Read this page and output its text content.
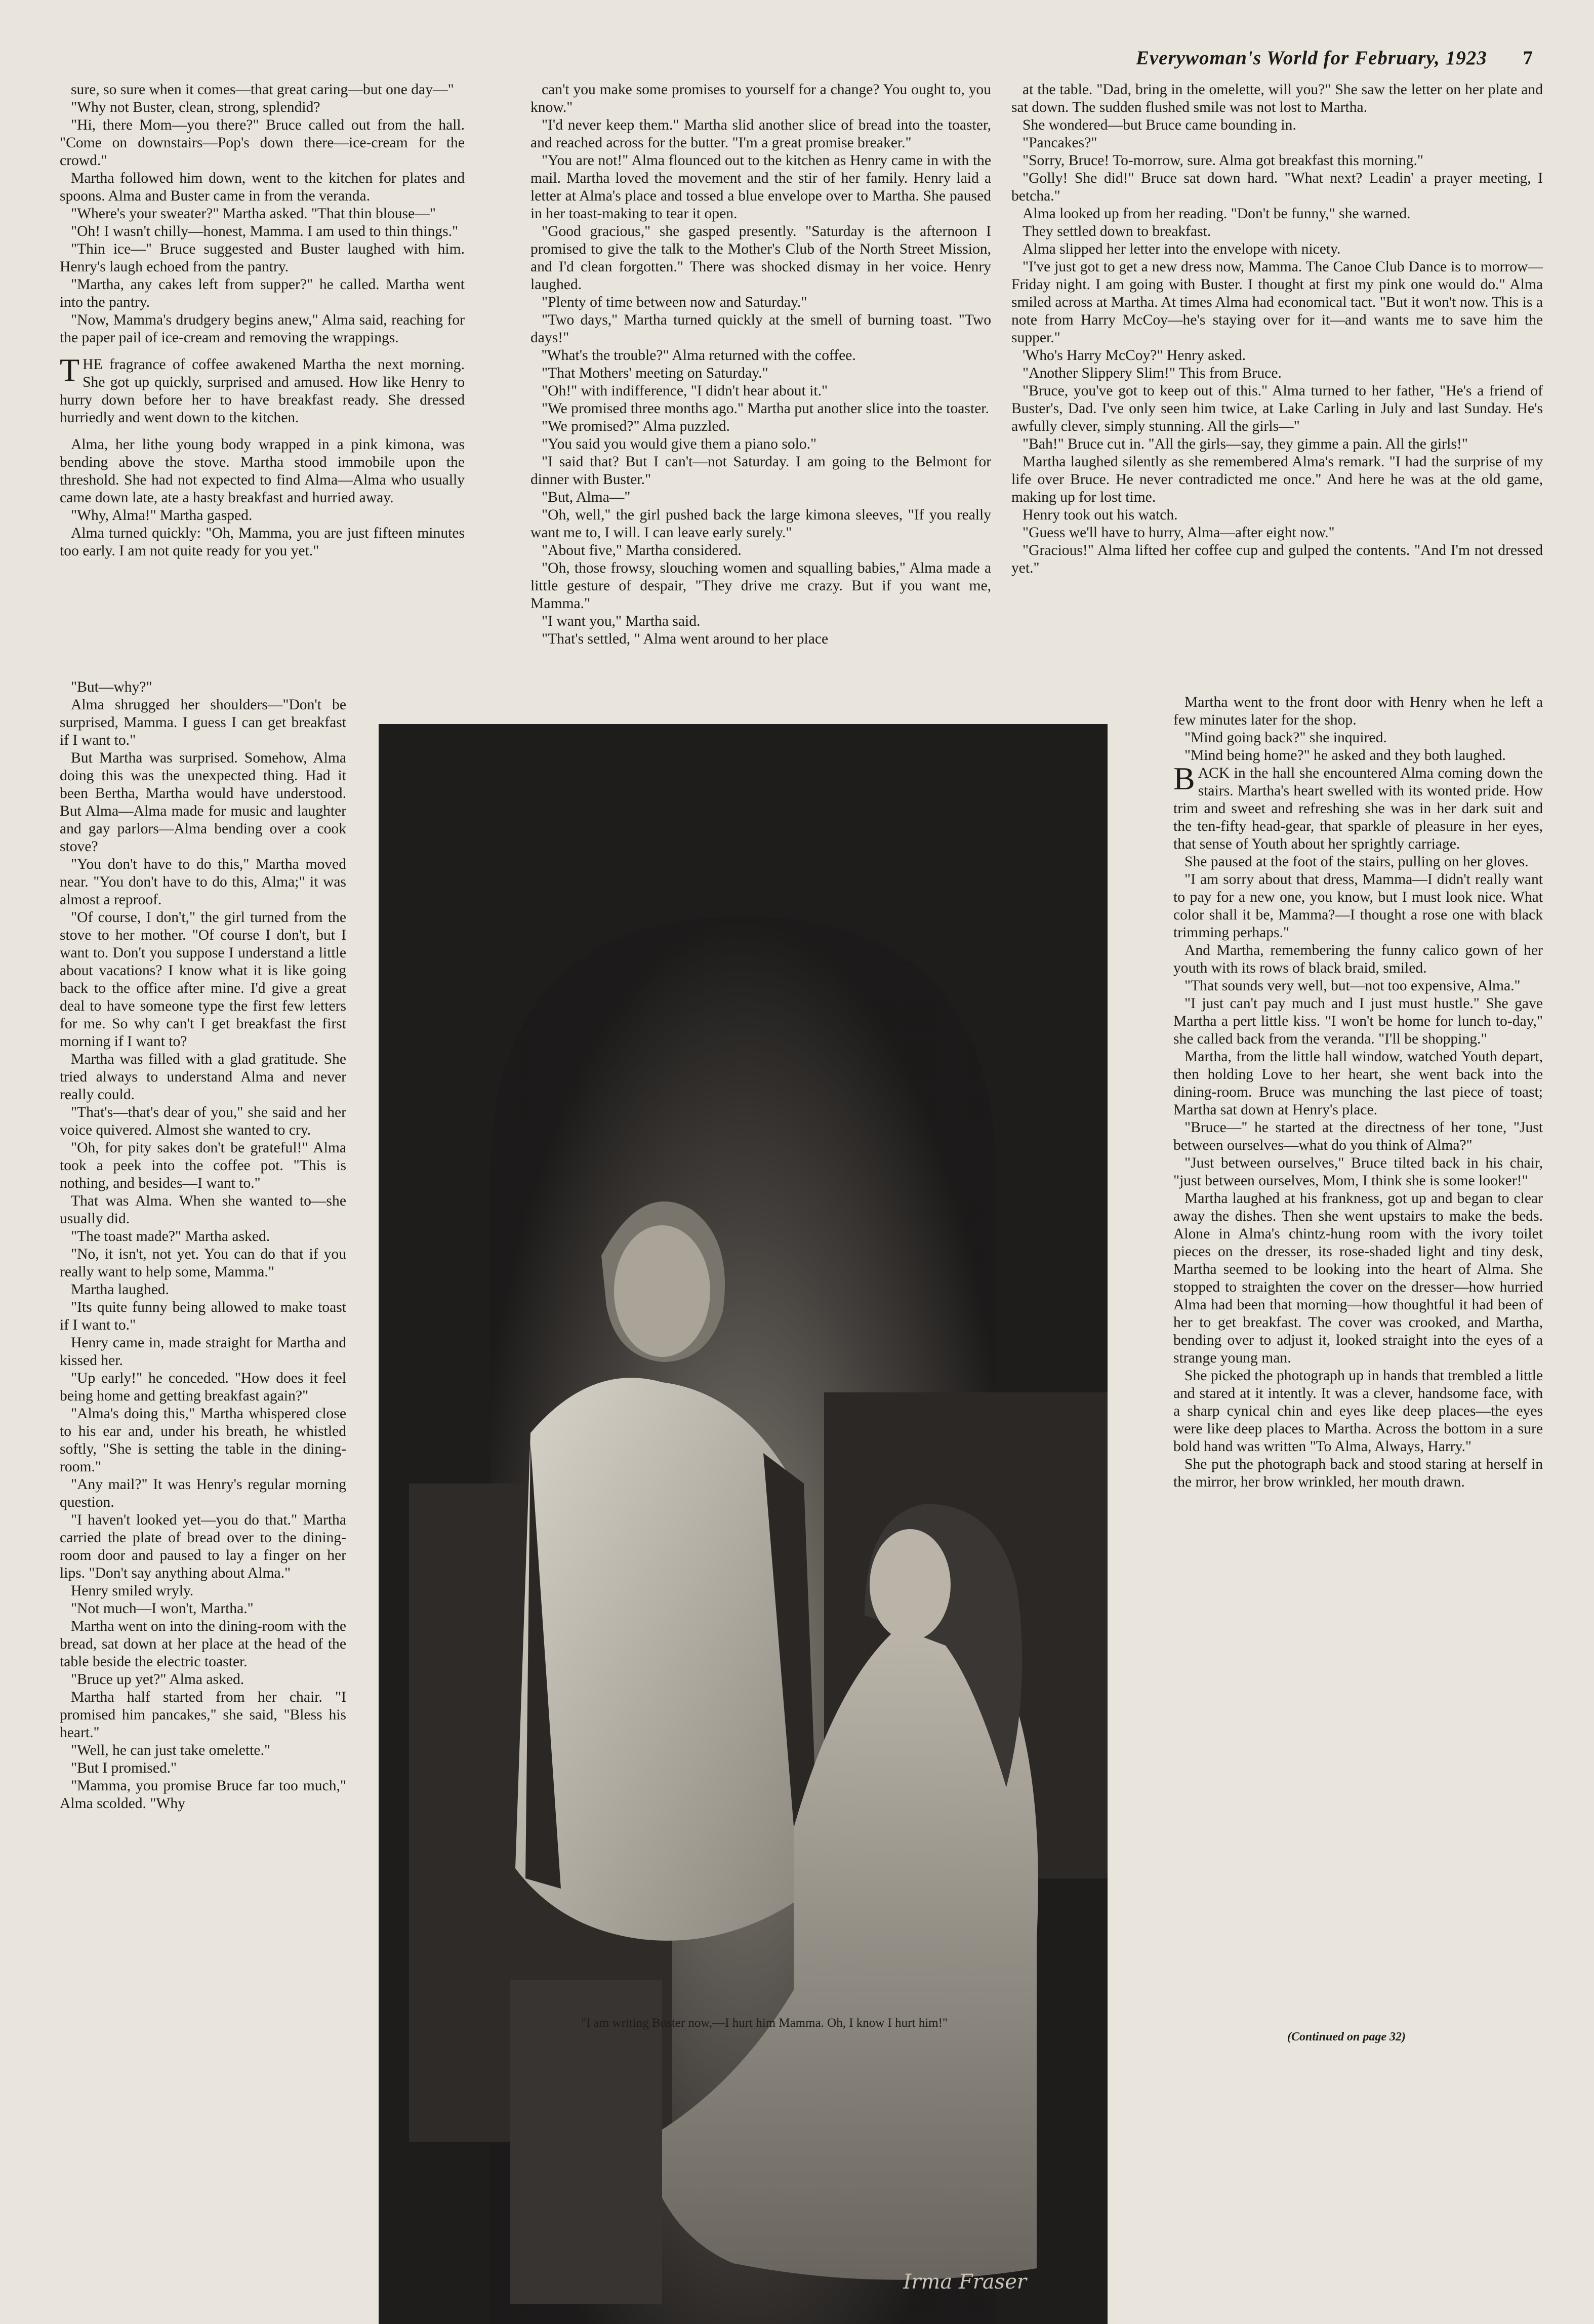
Everywoman's World for February, 1923 7

sure, so sure when it comes—that great caring—but one day—"

"Why not Buster, clean, strong, splendid?

"Hi, there Mom—you there?" Bruce called out from the hall. "Come on downstairs—Pop's down there—ice-cream for the crowd."

Martha followed him down, went to the kitchen for plates and spoons. Alma and Buster came in from the veranda.

"Where's your sweater?" Martha asked. "That thin blouse—"

"Oh! I wasn't chilly—honest, Mamma. I am used to thin things."

"Thin ice—" Bruce suggested and Buster laughed with him. Henry's laugh echoed from the pantry.

"Martha, any cakes left from supper?" he called. Martha went into the pantry.

"Now, Mamma's drudgery begins anew," Alma said, reaching for the paper pail of ice-cream and removing the wrappings.

THE fragrance of coffee awakened Martha the next morning. She got up quickly, surprised and amused. How like Henry to hurry down before her to have breakfast ready. She dressed hurriedly and went down to the kitchen.

Alma, her lithe young body wrapped in a pink kimona, was bending above the stove. Martha stood immobile upon the threshold. She had not expected to find Alma—Alma who usually came down late, ate a hasty breakfast and hurried away.

"Why, Alma!" Martha gasped.

Alma turned quickly: "Oh, Mamma, you are just fifteen minutes too early. I am not quite ready for you yet."

"But—why?"

Alma shrugged her shoulders—"Don't be surprised, Mamma. I guess I can get breakfast if I want to."

But Martha was surprised. Somehow, Alma doing this was the unexpected thing. Had it been Bertha, Martha would have understood. But Alma—Alma made for music and laughter and gay parlors—Alma bending over a cook stove?

"You don't have to do this," Martha moved near. "You don't have to do this, Alma;" it was almost a reproof.

"Of course, I don't," the girl turned from the stove to her mother. "Of course I don't, but I want to. Don't you suppose I understand a little about vacations? I know what it is like going back to the office after mine. I'd give a great deal to have someone type the first few letters for me. So why can't I get breakfast the first morning if I want to?

Martha was filled with a glad gratitude. She tried always to understand Alma and never really could.

"That's—that's dear of you," she said and her voice quivered. Almost she wanted to cry.

"Oh, for pity sakes don't be grateful!" Alma took a peek into the coffee pot. "This is nothing, and besides—I want to."

That was Alma. When she wanted to—she usually did.

"The toast made?" Martha asked.

"No, it isn't, not yet. You can do that if you really want to help some, Mamma."

Martha laughed.

"Its quite funny being allowed to make toast if I want to."

Henry came in, made straight for Martha and kissed her.

"Up early!" he conceded. "How does it feel being home and getting breakfast again?"

"Alma's doing this," Martha whispered close to his ear and, under his breath, he whistled softly, "She is setting the table in the dining-room."

"Any mail?" It was Henry's regular morning question.

"I haven't looked yet—you do that." Martha carried the plate of bread over to the dining-room door and paused to lay a finger on her lips. "Don't say anything about Alma."

Henry smiled wryly.

"Not much—I won't, Martha."

Martha went on into the dining-room with the bread, sat down at her place at the head of the table beside the electric toaster.

"Bruce up yet?" Alma asked.

Martha half started from her chair. "I promised him pancakes," she said, "Bless his heart."

"Well, he can just take omelette."

"But I promised."

"Mamma, you promise Bruce far too much," Alma scolded. "Why

can't you make some promises to yourself for a change? You ought to, you know."

"I'd never keep them." Martha slid another slice of bread into the toaster, and reached across for the butter. "I'm a great promise breaker."

"You are not!" Alma flounced out to the kitchen as Henry came in with the mail. Martha loved the movement and the stir of her family. Henry laid a letter at Alma's place and tossed a blue envelope over to Martha. She paused in her toast-making to tear it open.

"Good gracious," she gasped presently. "Saturday is the afternoon I promised to give the talk to the Mother's Club of the North Street Mission, and I'd clean forgotten." There was shocked dismay in her voice. Henry laughed.

"Plenty of time between now and Saturday."

"Two days," Martha turned quickly at the smell of burning toast. "Two days!"

''What's the trouble?" Alma returned with the coffee.

"That Mothers' meeting on Saturday."

"Oh!" with indifference, "I didn't hear about it."

"We promised three months ago." Martha put another slice into the toaster.

"We promised?" Alma puzzled.

"You said you would give them a piano solo."

"I said that? But I can't—not Saturday. I am going to the Belmont for dinner with Buster."

"But, Alma—"

"Oh, well," the girl pushed back the large kimona sleeves, "If you really want me to, I will. I can leave early surely."

"About five," Martha considered.

"Oh, those frowsy, slouching women and squalling babies," Alma made a little gesture of despair, "They drive me crazy. But if you want me, Mamma."

"I want you," Martha said.

"That's settled, " Alma went around to her place

at the table. "Dad, bring in the omelette, will you?" She saw the letter on her plate and sat down. The sudden flushed smile was not lost to Martha.

She wondered—but Bruce came bounding in.

"Pancakes?"

"Sorry, Bruce! To-morrow, sure. Alma got breakfast this morning."

"Golly! She did!" Bruce sat down hard. "What next? Leadin' a prayer meeting, I betcha."

Alma looked up from her reading. "Don't be funny," she warned.

They settled down to breakfast.

Alma slipped her letter into the envelope with nicety.

"I've just got to get a new dress now, Mamma. The Canoe Club Dance is to morrow—Friday night. I am going with Buster. I thought at first my pink one would do." Alma smiled across at Martha. At times Alma had economical tact. "But it won't now. This is a note from Harry McCoy—he's staying over for it—and wants me to save him the supper."

'Who's Harry McCoy?" Henry asked.

"Another Slippery Slim!" This from Bruce.

"Bruce, you've got to keep out of this." Alma turned to her father, "He's a friend of Buster's, Dad. I've only seen him twice, at Lake Carling in July and last Sunday. He's awfully clever, simply stunning. All the girls—"

"Bah!" Bruce cut in. "All the girls—say, they gimme a pain. All the girls!"

Martha laughed silently as she remembered Alma's remark. "I had the surprise of my life over Bruce. He never contradicted me once." And here he was at the old game, making up for lost time.

Henry took out his watch.

"Guess we'll have to hurry, Alma—after eight now."

"Gracious!" Alma lifted her coffee cup and gulped the contents. "And I'm not dressed yet."

Martha went to the front door with Henry when he left a few minutes later for the shop.

"Mind going back?" she inquired.

"Mind being home?" he asked and they both laughed.

BACK in the hall she encountered Alma coming down the stairs. Martha's heart swelled with its wonted pride. How trim and sweet and refreshing she was in her dark suit and the ten-fifty head-gear, that sparkle of pleasure in her eyes, that sense of Youth about her sprightly carriage.

She paused at the foot of the stairs, pulling on her gloves.

"I am sorry about that dress, Mamma—I didn't really want to pay for a new one, you know, but I must look nice. What color shall it be, Mamma?—I thought a rose one with black trimming perhaps."

And Martha, remembering the funny calico gown of her youth with its rows of black braid, smiled.

"That sounds very well, but—not too expensive, Alma."

"I just can't pay much and I just must hustle." She gave Martha a pert little kiss. "I won't be home for lunch to-day," she called back from the veranda. "I'll be shopping."

Martha, from the little hall window, watched Youth depart, then holding Love to her heart, she went back into the dining-room. Bruce was munching the last piece of toast; Martha sat down at Henry's place.

"Bruce—" he started at the directness of her tone, "Just between ourselves—what do you think of Alma?"

"Just between ourselves," Bruce tilted back in his chair, "just between ourselves, Mom, I think she is some looker!"

Martha laughed at his frankness, got up and began to clear away the dishes. Then she went upstairs to make the beds. Alone in Alma's chintz-hung room with the ivory toilet pieces on the dresser, its rose-shaded light and tiny desk, Martha seemed to be looking into the heart of Alma. She stopped to straighten the cover on the dresser—how hurried Alma had been that morning—how thoughtful it had been of her to get breakfast. The cover was crooked, and Martha, bending over to adjust it, looked straight into the eyes of a strange young man.

She picked the photograph up in hands that trembled a little and stared at it intently. It was a clever, handsome face, with a sharp cynical chin and eyes like deep places—the eyes were like deep places to Martha. Across the bottom in a sure bold hand was written "To Alma, Always, Harry."

She put the photograph back and stood staring at herself in the mirror, her brow wrinkled, her mouth drawn.

Irma Fraser
"I am writing Buster now,—I hurt him Mamma. Oh, I know I hurt him!"
(Continued on page 32)
